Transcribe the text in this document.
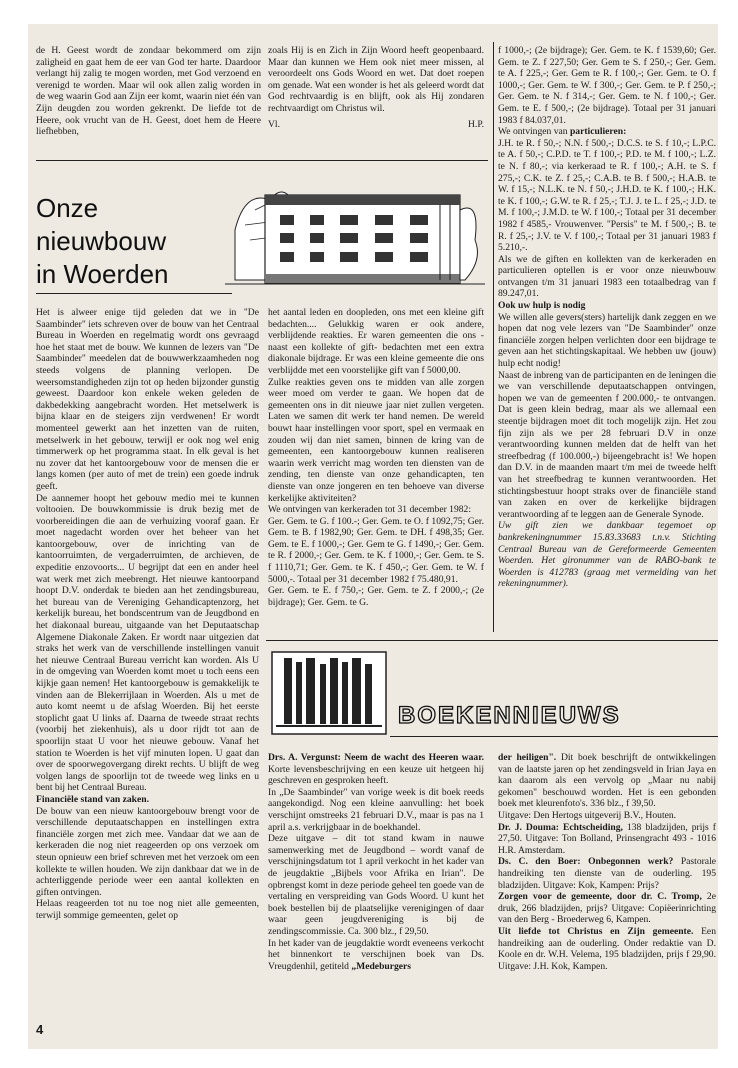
de H. Geest wordt de zondaar bekommerd om zijn zaligheid en gaat hem de eer van God ter harte. Daardoor verlangt hij zalig te mogen worden, met God verzoend en verenigd te worden. Maar wil ook allen zalig worden in de weg waarin God aan Zijn eer komt, waarin niet één van Zijn deugden zou worden gekrenkt. De liefde tot de Heere, ook vrucht van de H. Geest, doet hem de Heere liefhebben,

zoals Hij is en Zich in Zijn Woord heeft geopenbaard. Maar dan kunnen we Hem ook niet meer missen, al veroordeelt ons Gods Woord en wet. Dat doet roepen om genade. Wat een wonder is het als geleerd wordt dat God rechtvaardig is en blijft, ook als Hij zondaren rechtvaardigt om Christus wil.

Vl.	H.P.
Onze
nieuwbouw
in Woerden

Het is alweer enige tijd geleden dat we in "De Saambinder" iets schreven over de bouw van het Centraal Bureau in Woerden en regelmatig wordt ons gevraagd hoe het staat met de bouw. We kunnen de lezers van "De Saambinder" meedelen dat de bouwwerkzaamheden nog steeds volgens de planning verlopen. De weersomstandigheden zijn tot op heden bijzonder gunstig geweest. Daardoor kon enkele weken geleden de dakbedekking aangebracht worden. Het metselwerk is bijna klaar en de steigers zijn verdwenen! Er wordt momenteel gewerkt aan het inzetten van de ruiten, metselwerk in het gebouw, terwijl er ook nog wel enig timmerwerk op het programma staat. In elk geval is het nu zover dat het kantoorgebouw voor de mensen die er langs komen (per auto of met de trein) een goede indruk geeft.

De aannemer hoopt het gebouw medio mei te kunnen voltooien. De bouwkommissie is druk bezig met de voorbereidingen die aan de verhuizing vooraf gaan. Er moet nagedacht worden over het beheer van het kantoorgebouw, over de inrichting van de kantoorruimten, de vergaderruimten, de archieven, de expeditie enzovoorts... U begrijpt dat een en ander heel wat werk met zich meebrengt. Het nieuwe kantoorpand hoopt D.V. onderdak te bieden aan het zendingsbureau, het bureau van de Vereniging Gehandicaptenzorg, het kerkelijk bureau, het bondscentrum van de Jeugdbond en het diakonaal bureau, uitgaande van het Deputaatschap Algemene Diakonale Zaken. Er wordt naar uitgezien dat straks het werk van de verschillende instellingen vanuit het nieuwe Centraal Bureau verricht kan worden. Als U in de omgeving van Woerden komt moet u toch eens een kijkje gaan nemen! Het kantoorgebouw is gemakkelijk te vinden aan de Blekerrijlaan in Woerden. Als u met de auto komt neemt u de afslag Woerden. Bij het eerste stoplicht gaat U links af. Daarna de tweede straat rechts (voorbij het ziekenhuis), als u door rijdt tot aan de spoorlijn staat U voor het nieuwe gebouw. Vanaf het station te Woerden is het vijf minuten lopen. U gaat dan over de spoorwegovergang direkt rechts. U blijft de weg volgen langs de spoorlijn tot de tweede weg links en u bent bij het Centraal Bureau.

Financiële stand van zaken.

De bouw van een nieuw kantoorgebouw brengt voor de verschillende deputaatschappen en instellingen extra financiële zorgen met zich mee. Vandaar dat we aan de kerkeraden die nog niet reageerden op ons verzoek om steun opnieuw een brief schreven met het verzoek om een kollekte te willen houden. We zijn dankbaar dat we in de achterliggende periode weer een aantal kollekten en giften ontvingen.

Helaas reageerden tot nu toe nog niet alle gemeenten, terwijl sommige gemeenten, gelet op

het aantal leden en doopleden, ons met een kleine gift bedachten.... Gelukkig waren er ook andere, verblijdende reakties. Er waren gemeenten die ons -naast een kollekte of gift- bedachten met een extra diakonale bijdrage. Er was een kleine gemeente die ons verblijdde met een voorstelijke gift van f 5000,00.

Zulke reakties geven ons te midden van alle zorgen weer moed om verder te gaan. We hopen dat de gemeenten ons in dit nieuwe jaar niet zullen vergeten. Laten we samen dit werk ter hand nemen. De wereld bouwt haar instellingen voor sport, spel en vermaak en zouden wij dan niet samen, binnen de kring van de gemeenten, een kantoorgebouw kunnen realiseren waarin werk verricht mag worden ten diensten van de zending, ten dienste van onze gehandicapten, ten dienste van onze jongeren en ten behoeve van diverse kerkelijke aktiviteiten?

We ontvingen van kerkeraden tot 31 december 1982:

Ger. Gem. te G. f 100.-; Ger. Gem. te O. f 1092,75; Ger. Gem. te B. f 1982,90; Ger. Gem. te DH. f 498,35; Ger. Gem. te E. f 1000,-; Ger. Gem te G. f 1490,-; Ger. Gem. te R. f 2000,-; Ger. Gem. te K. f 1000,-; Ger. Gem. te S. f 1110,71; Ger. Gem. te K. f 450,-; Ger. Gem. te W. f 5000,-. Totaal per 31 december 1982 f 75.480,91.

Ger. Gem. te E. f 750,-; Ger. Gem. te Z. f 2000,-; (2e bijdrage); Ger. Gem. te G.

f 1000,-; (2e bijdrage); Ger. Gem. te K. f 1539,60; Ger. Gem. te Z. f 227,50; Ger. Gem te S. f 250,-; Ger. Gem. te A. f 225,-; Ger. Gem te R. f 100,-; Ger. Gem. te O. f 1000,-; Ger. Gem. te W. f 300,-; Ger. Gem. te P. f 250,-; Ger. Gem. te N. f 314,-; Ger. Gem. te N. f 100,-; Ger. Gem. te E. f 500,-; (2e bijdrage). Totaal per 31 januari 1983 f 84.037,01.

We ontvingen van particulieren:

J.H. te R. f 50,-; N.N. f 500,-; D.C.S. te S. f 10,-; L.P.C. te A. f 50,-; C.P.D. te T. f 100,-; P.D. te M. f 100,-; L.Z. te N. f 80,-; via kerkeraad te R. f 100,-; A.H. te S. f 275,-; C.K. te Z. f 25,-; C.A.B. te B. f 500,-; H.A.B. te W. f 15,-; N.L.K. te N. f 50,-; J.H.D. te K. f 100,-; H.K. te K. f 100,-; G.W. te R. f 25,-; T.J. J. te L. f 25,-; J.D. te M. f 100,-; J.M.D. te W. f 100,-; Totaal per 31 december 1982 f 4585,- Vrouwenver. "Persis" te M. f 500,-; B. te R. f 25,-; J.V. te V. f 100,-; Totaal per 31 januari 1983 f 5.210,-.

Als we de giften en kollekten van de kerkeraden en particulieren optellen is er voor onze nieuwbouw ontvangen t/m 31 januari 1983 een totaalbedrag van f 89.247,01.

Ook uw hulp is nodig

We willen alle gevers(sters) hartelijk dank zeggen en we hopen dat nog vele lezers van "De Saambinder" onze financiële zorgen helpen verlichten door een bijdrage te geven aan het stichtingskapitaal. We hebben uw (jouw) hulp echt nodig!

Naast de inbreng van de participanten en de leningen die we van verschillende deputaatschappen ontvingen, hopen we van de gemeenten f 200.000,- te ontvangen. Dat is geen klein bedrag, maar als we allemaal een steentje bijdragen moet dit toch mogelijk zijn. Het zou fijn zijn als we per 28 februari D.V in onze verantwoording kunnen melden dat de helft van het streefbedrag (f 100.000,-) bijeengebracht is! We hopen dan D.V. in de maanden maart t/m mei de tweede helft van het streefbedrag te kunnen verantwoorden. Het stichtingsbestuur hoopt straks over de financiële stand van zaken en over de kerkelijke bijdragen verantwoording af te leggen aan de Generale Synode.

Uw gift zien we dankbaar tegemoet op bankrekeningnummer 15.83.33683 t.n.v. Stichting Centraal Bureau van de Gereformeerde Gemeenten Woerden. Het gironummer van de RABO-bank te Woerden is 412783 (graag met vermelding van het rekeningnummer).

BOEKENNIEUWS

Drs. A. Vergunst: Neem de wacht des Heeren waar. Korte levensbeschrijving en een keuze uit hetgeen hij geschreven en gesproken heeft.

In „De Saambinder" van vorige week is dit boek reeds aangekondigd. Nog een kleine aanvulling: het boek verschijnt omstreeks 21 februari D.V., maar is pas na 1 april a.s. verkrijgbaar in de boekhandel.

Deze uitgave – dit tot stand kwam in nauwe samenwerking met de Jeugdbond – wordt vanaf de verschijningsdatum tot 1 april verkocht in het kader van de jeugdaktie „Bijbels voor Afrika en Irian". De opbrengst komt in deze periode geheel ten goede van de vertaling en verspreiding van Gods Woord. U kunt het boek bestellen bij de plaatselijke verenigingen of daar waar geen jeugdvereniging is bij de zendingscommissie. Ca. 300 blz., f 29,50.

In het kader van de jeugdaktie wordt eveneens verkocht het binnenkort te verschijnen boek van Ds. Vreugdenhil, getiteld „Medeburgers

der heiligen". Dit boek beschrijft de ontwikkelingen van de laatste jaren op het zendingsveld in Irian Jaya en kan daarom als een vervolg op „Maar nu nabij gekomen" beschouwd worden. Het is een gebonden boek met kleurenfoto's. 336 blz., f 39,50.

Uitgave: Den Hertogs uitgeverij B.V., Houten.

Dr. J. Douma: Echtscheiding, 138 bladzijden, prijs f 27,50. Uitgave: Ton Bolland, Prinsengracht 493 - 1016 H.R. Amsterdam.

Ds. C. den Boer: Onbegonnen werk? Pastorale handreiking ten dienste van de ouderling. 195 bladzijden. Uitgave: Kok, Kampen: Prijs?

Zorgen voor de gemeente, door dr. C. Tromp, 2e druk, 266 bladzijden, prijs? Uitgave: Copiëerinrichting van den Berg - Broederweg 6, Kampen.

Uit liefde tot Christus en Zijn gemeente. Een handreiking aan de ouderling. Onder redaktie van D. Koole en dr. W.H. Velema, 195 bladzijden, prijs f 29,90. Uitgave: J.H. Kok, Kampen.

4
